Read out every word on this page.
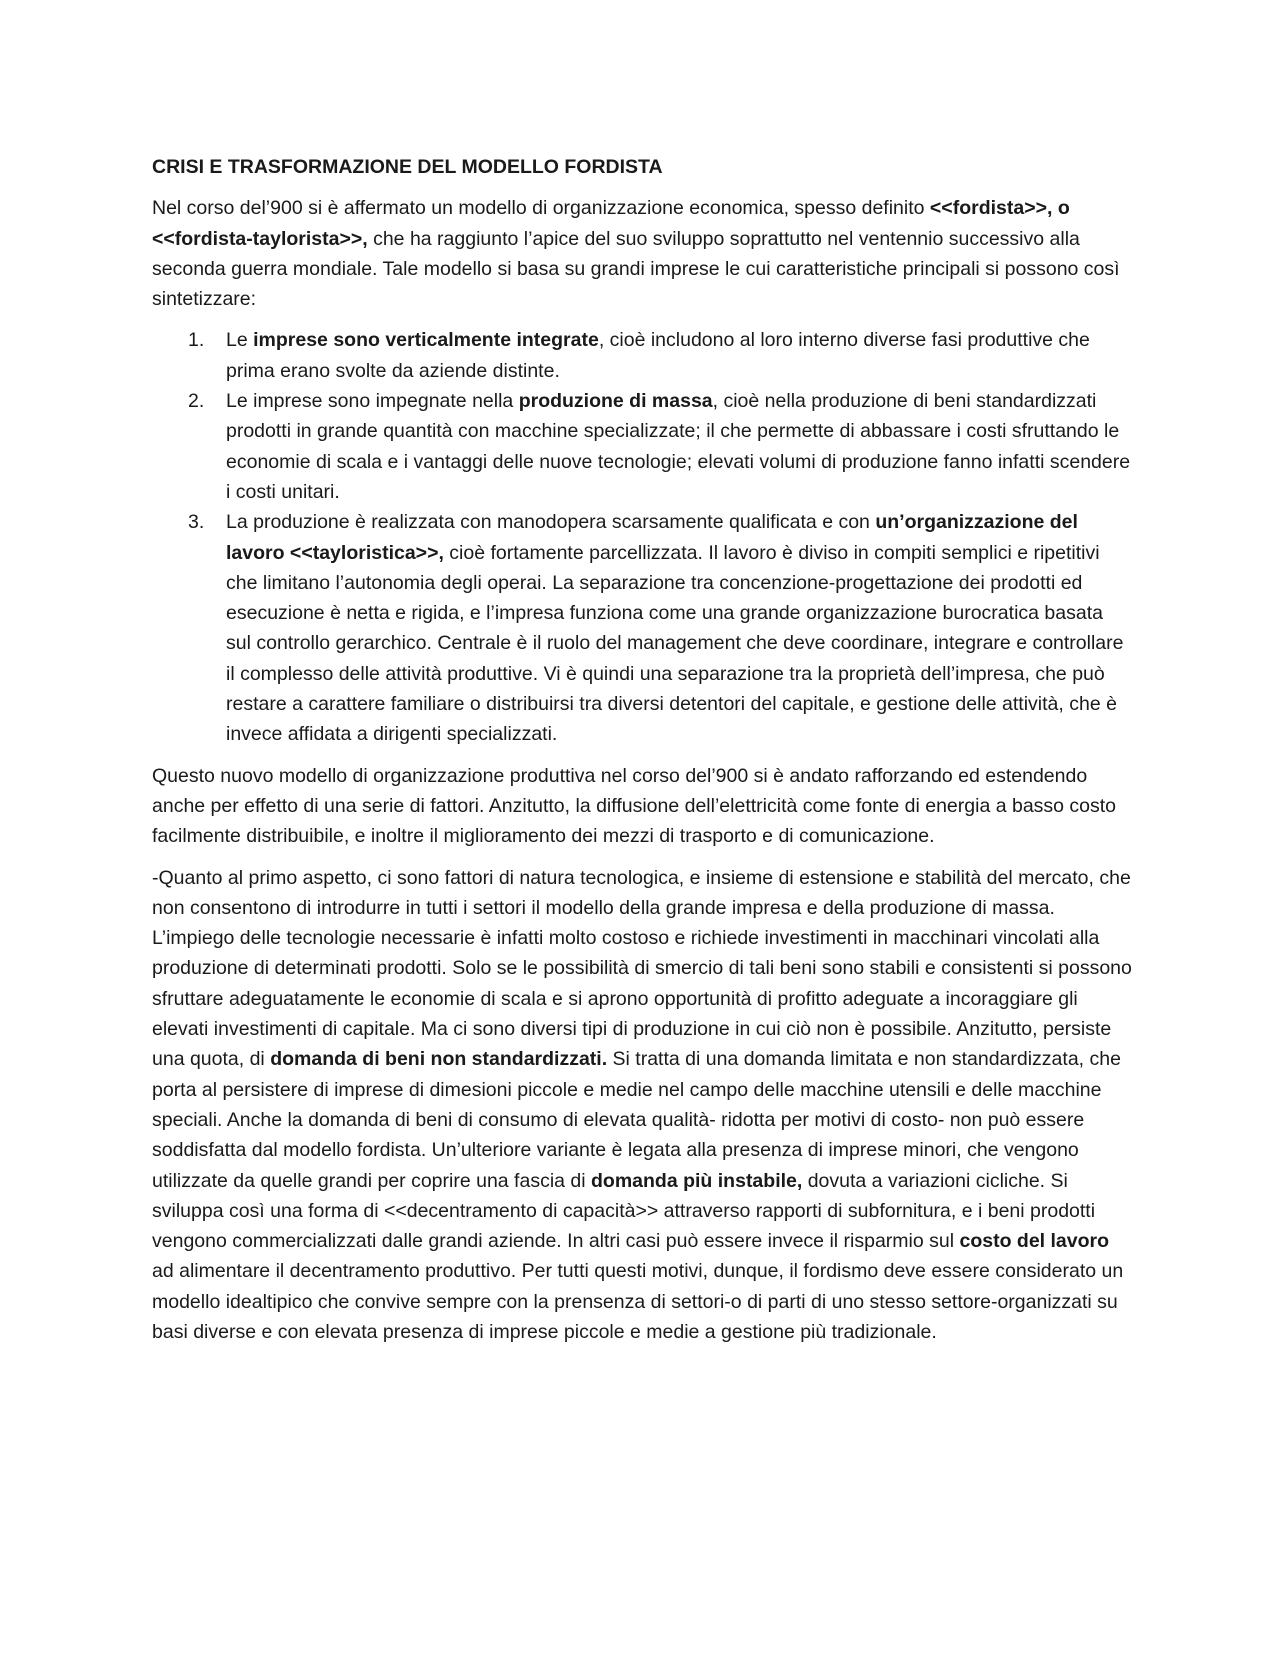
CRISI E TRASFORMAZIONE DEL MODELLO FORDISTA

Nel corso del’900 si è affermato un modello di organizzazione economica, spesso definito <<fordista>>, o <<fordista-taylorista>>, che ha raggiunto l’apice del suo sviluppo soprattutto nel ventennio successivo alla seconda guerra mondiale. Tale modello si basa su grandi imprese le cui caratteristiche principali si possono così sintetizzare:

1. Le imprese sono verticalmente integrate, cioè includono al loro interno diverse fasi produttive che prima erano svolte da aziende distinte.
2. Le imprese sono impegnate nella produzione di massa, cioè nella produzione di beni standardizzati prodotti in grande quantità con macchine specializzate; il che permette di abbassare i costi sfruttando le economie di scala e i vantaggi delle nuove tecnologie; elevati volumi di produzione fanno infatti scendere i costi unitari.
3. La produzione è realizzata con manodopera scarsamente qualificata e con un’organizzazione del lavoro <<tayloristica>>, cioè fortamente parcellizzata. Il lavoro è diviso in compiti semplici e ripetitivi che limitano l’autonomia degli operai. La separazione tra concenzione-progettazione dei prodotti ed esecuzione è netta e rigida, e l’impresa funziona come una grande organizzazione burocratica basata sul controllo gerarchico. Centrale è il ruolo del management che deve coordinare, integrare e controllare il complesso delle attività produttive. Vi è quindi una separazione tra la proprietà dell’impresa, che può restare a carattere familiare o distribuirsi tra diversi detentori del capitale, e gestione delle attività, che è invece affidata a dirigenti specializzati.

Questo nuovo modello di organizzazione produttiva nel corso del’900 si è andato rafforzando ed estendendo anche per effetto di una serie di fattori. Anzitutto, la diffusione dell’elettricità come fonte di energia a basso costo facilmente distribuibile, e inoltre il miglioramento dei mezzi di trasporto e di comunicazione.

-Quanto al primo aspetto, ci sono fattori di natura tecnologica, e insieme di estensione e stabilità del mercato, che non consentono di introdurre in tutti i settori il modello della grande impresa e della produzione di massa. L’impiego delle tecnologie necessarie è infatti molto costoso e richiede investimenti in macchinari vincolati alla produzione di determinati prodotti. Solo se le possibilità di smercio di tali beni sono stabili e consistenti si possono sfruttare adeguatamente le economie di scala e si aprono opportunità di profitto adeguate a incoraggiare gli elevati investimenti di capitale. Ma ci sono diversi tipi di produzione in cui ciò non è possibile. Anzitutto, persiste una quota, di domanda di beni non standardizzati. Si tratta di una domanda limitata e non standardizzata, che porta al persistere di imprese di dimesioni piccole e medie nel campo delle macchine utensili e delle macchine speciali. Anche la domanda di beni di consumo di elevata qualità- ridotta per motivi di costo- non può essere soddisfatta dal modello fordista. Un’ulteriore variante è legata alla presenza di imprese minori, che vengono utilizzate da quelle grandi per coprire una fascia di domanda più instabile, dovuta a variazioni cicliche. Si sviluppa così una forma di <<decentramento di capacità>> attraverso rapporti di subfornitura, e i beni prodotti vengono commercializzati dalle grandi aziende. In altri casi può essere invece il risparmio sul costo del lavoro ad alimentare il decentramento produttivo. Per tutti questi motivi, dunque, il fordismo deve essere considerato un modello idealtipico che convive sempre con la prensenza di settori-o di parti di uno stesso settore-organizzati su basi diverse e con elevata presenza di imprese piccole e medie a gestione più tradizionale.
